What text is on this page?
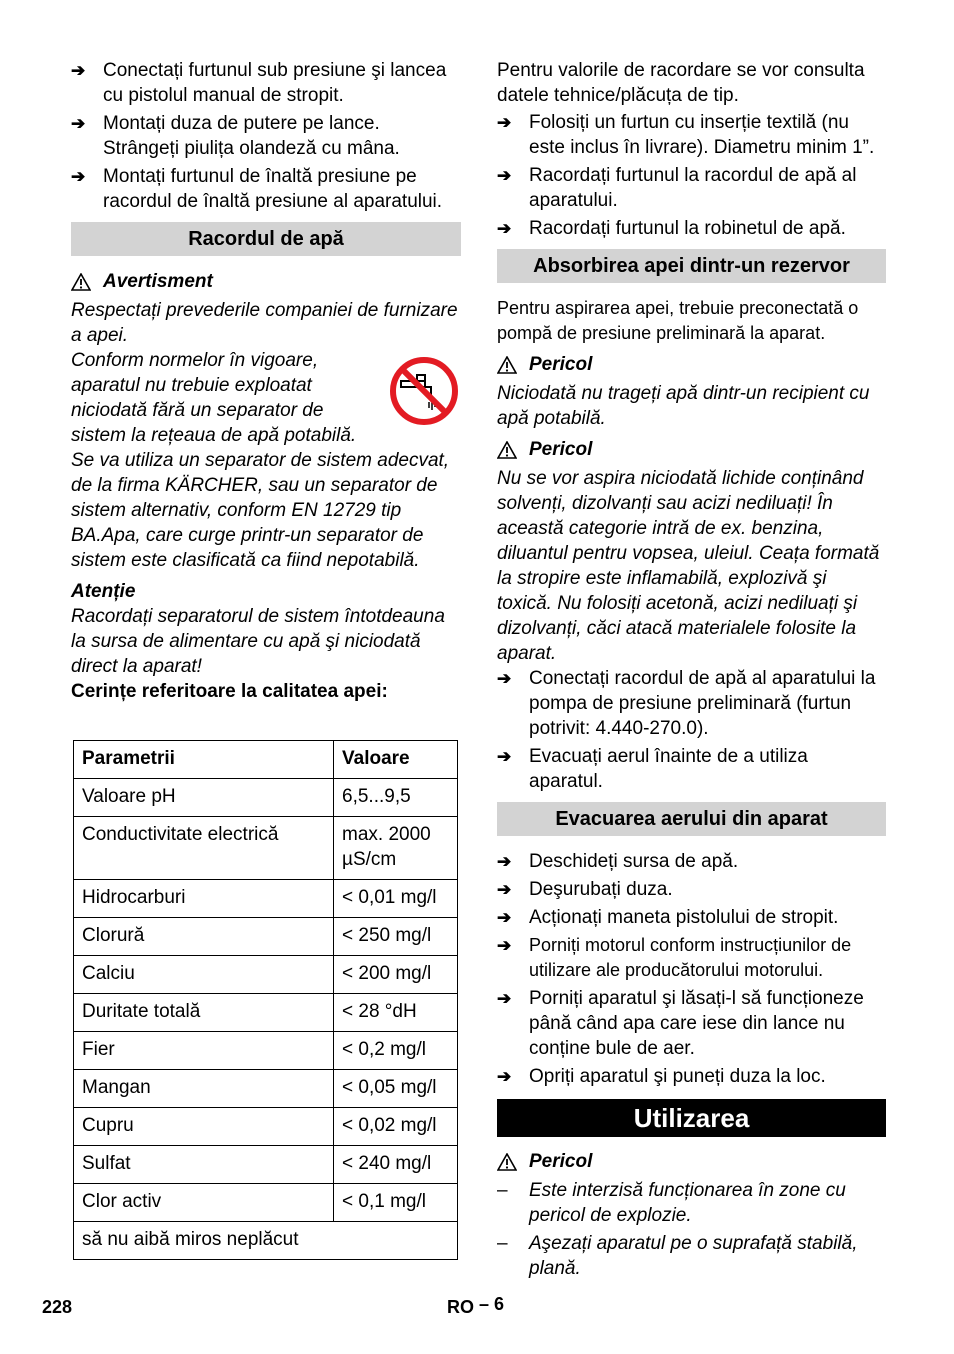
➔ Conectați furtunul sub presiune şi lancea cu pistolul manual de stropit.
➔ Montați duza de putere pe lance. Strângeți piulița olandeză cu mâna.
➔ Montați furtunul de înaltă presiune pe racordul de înaltă presiune al aparatului.
Racordul de apă
Avertisment

Respectați prevederile companiei de furnizare a apei.

Conform normelor în vigoare, aparatul nu trebuie exploatat niciodată fără un separator de sistem la rețeaua de apă potabilă. Se va utiliza un separator de sistem adecvat, de la firma KÄRCHER, sau un separator de sistem alternativ, conform EN 12729 tip BA.Apa, care curge printr-un separator de sistem este clasificată ca fiind nepotabilă.

Atenție

Racordați separatorul de sistem întotdeauna la sursa de alimentare cu apă şi niciodată direct la aparat!

Cerințe referitoare la calitatea apei:

Parametrii	Valoare
Valoare pH	6,5...9,5
Conductivitate electrică	max. 2000 µS/cm
Hidrocarburi	< 0,01 mg/l
Clorură	< 250 mg/l
Calciu	< 200 mg/l
Duritate totală	< 28 °dH
Fier	< 0,2 mg/l
Mangan	< 0,05 mg/l
Cupru	< 0,02 mg/l
Sulfat	< 240 mg/l
Clor activ	< 0,1 mg/l
să nu aibă miros neplăcut	

Pentru valorile de racordare se vor consulta datele tehnice/plăcuța de tip.

➔ Folosiți un furtun cu inserție textilă (nu este inclus în livrare). Diametru minim 1”.
➔ Racordați furtunul la racordul de apă al aparatului.
➔ Racordați furtunul la robinetul de apă.
Absorbirea apei dintr-un rezervor

Pentru aspirarea apei, trebuie preconectată o pompă de presiune preliminară la aparat.

Pericol

Niciodată nu trageți apă dintr-un recipient cu apă potabilă.

Pericol

Nu se vor aspira niciodată lichide conținând solvenți, dizolvanți sau acizi nediluați! În această categorie intră de ex. benzina, diluantul pentru vopsea, uleiul. Ceața formată la stropire este inflamabilă, explozivă şi toxică. Nu folosiți acetonă, acizi nediluați şi dizolvanți, căci atacă materialele folosite la aparat.

➔ Conectați racordul de apă al aparatului la pompa de presiune preliminară (furtun potrivit: 4.440-270.0).
➔ Evacuați aerul înainte de a utiliza aparatul.
Evacuarea aerului din aparat
➔ Deschideți sursa de apă.
➔ Deşurubați duza.
➔ Acționați maneta pistolului de stropit.
➔ Porniți motorul conform instrucțiunilor de utilizare ale producătorului motorului.
➔ Porniți aparatul şi lăsați-l să funcționeze până când apa care iese din lance nu conține bule de aer.
➔ Opriți aparatul şi puneți duza la loc.
Utilizarea
Pericol
–	Este interzisă funcționarea în zone cu pericol de explozie.
–	Aşezați aparatul pe o suprafață stabilă, plană.
228	RO – 6
